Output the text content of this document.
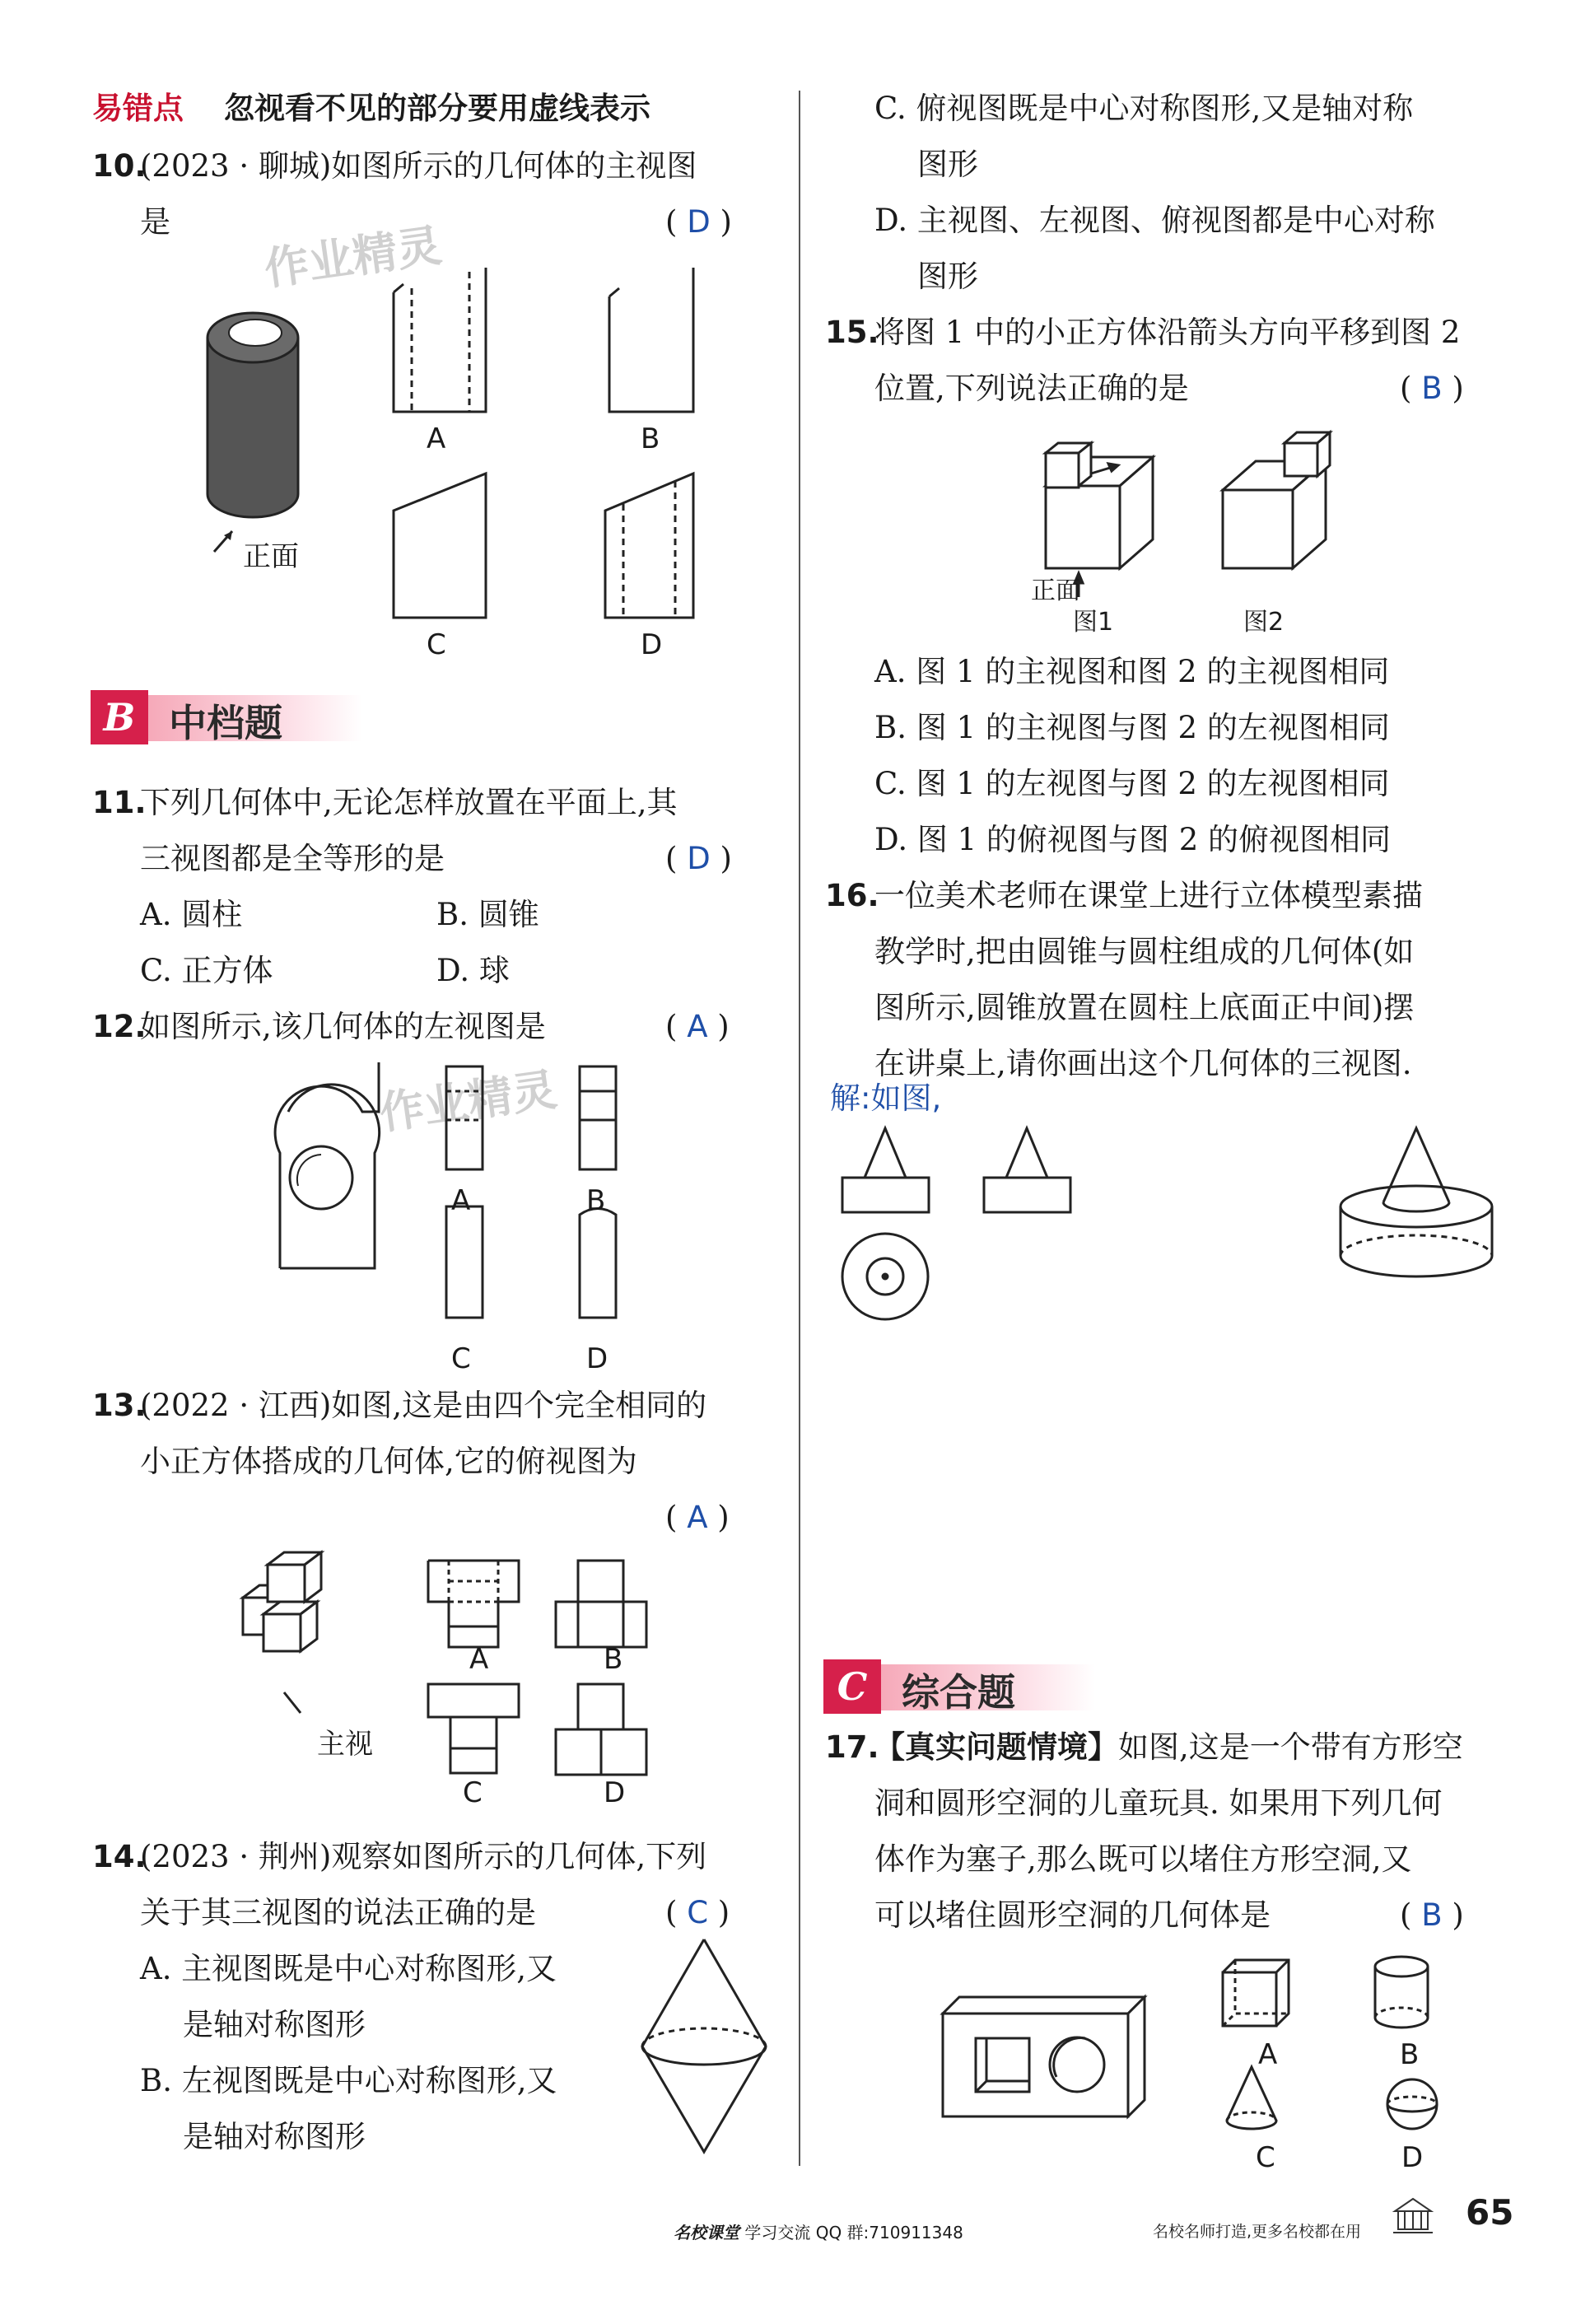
易错点 忽视看不见的部分要用虚线表示
10.
(2023 · 聊城)如图所示的几何体的主视图
是	( D )
作业精灵
正面
A	B
C	D
B 中档题
11.
下列几何体中,无论怎样放置在平面上,其
三视图都是全等形的是	( D )
A. 圆柱	B. 圆锥
C. 正方体	D. 球
12.
如图所示,该几何体的左视图是	( A )
作业精灵
A	B
C	D
13.
(2022 · 江西)如图,这是由四个完全相同的
小正方体搭成的几何体,它的俯视图为
( A )
主视
A	B
C	D
14.
(2023 · 荆州)观察如图所示的几何体,下列
关于其三视图的说法正确的是	( C )
A. 主视图既是中心对称图形,又
是轴对称图形
B. 左视图既是中心对称图形,又
是轴对称图形
C. 俯视图既是中心对称图形,又是轴对称
图形
D. 主视图、左视图、俯视图都是中心对称
图形
15.
将图 1 中的小正方体沿箭头方向平移到图 2
位置,下列说法正确的是	( B )
正面
图1	图2
A. 图 1 的主视图和图 2 的主视图相同
B. 图 1 的主视图与图 2 的左视图相同
C. 图 1 的左视图与图 2 的左视图相同
D. 图 1 的俯视图与图 2 的俯视图相同
16.
一位美术老师在课堂上进行立体模型素描
教学时,把由圆锥与圆柱组成的几何体(如
图所示,圆锥放置在圆柱上底面正中间)摆
在讲桌上,请你画出这个几何体的三视图.
解:如图,
C 综合题
17.
【真实问题情境】如图,这是一个带有方形空
洞和圆形空洞的儿童玩具. 如果用下列几何
体作为塞子,那么既可以堵住方形空洞,又
可以堵住圆形空洞的几何体是	( B )
A	B
C	D
名校课堂 学习交流 QQ 群:710911348	名校名师打造,更多名校都在用	65
